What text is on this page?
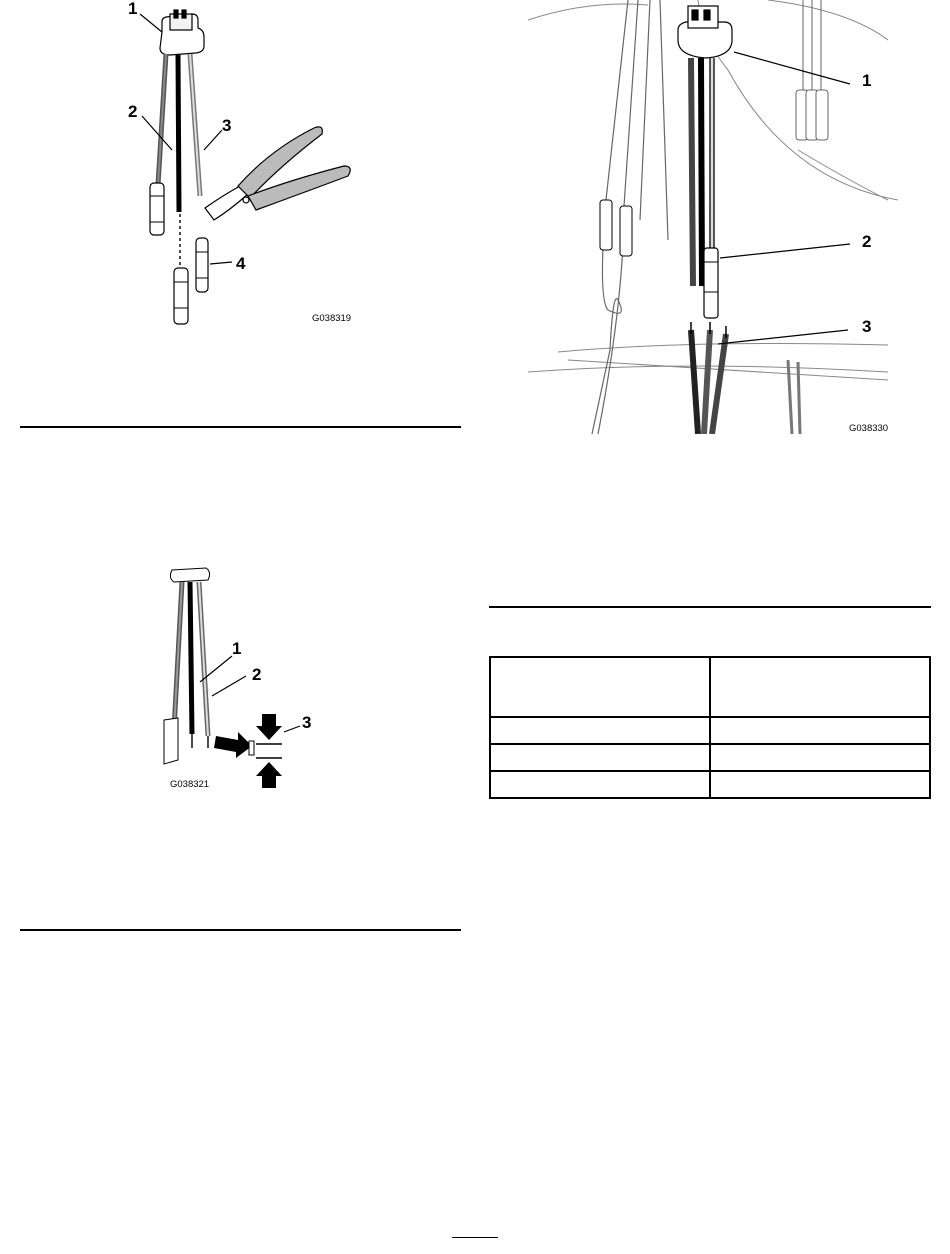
1
2
3
4
G038319
1
2
3
G038330

1
2
3
G038321
